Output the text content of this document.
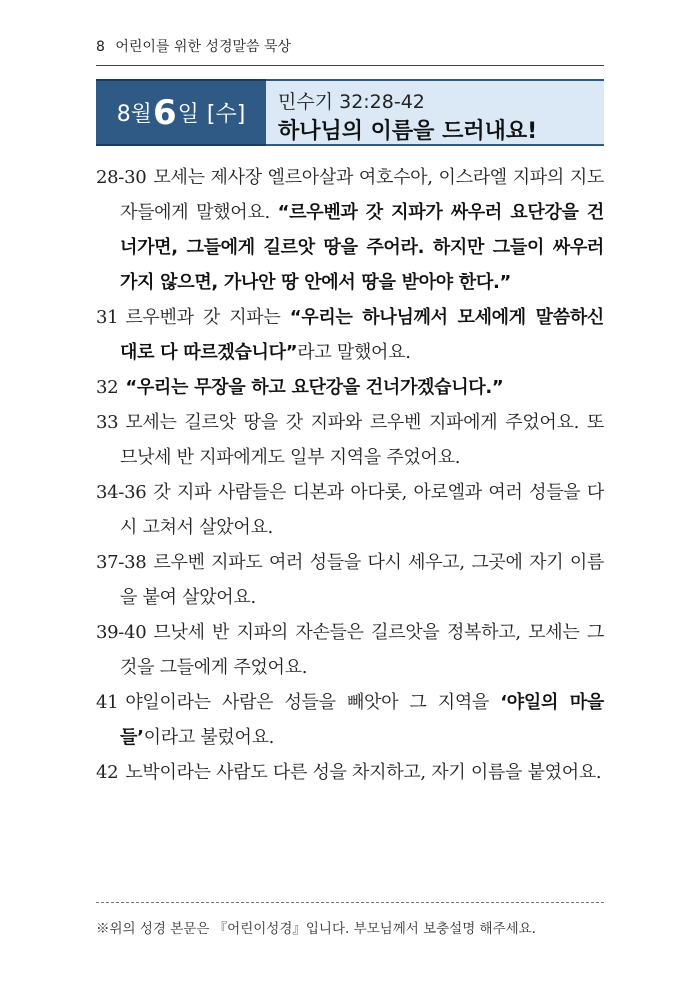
8 어린이를 위한 성경말씀 묵상
8월 6 일 [수] 민수기 32:28-42
하나님의 이름을 드러내요!
28-30 모세는 제사장 엘르아살과 여호수아, 이스라엘 지파의 지도자들에게 말했어요. “르우벤과 갓 지파가 싸우러 요단강을 건너가면, 그들에게 길르앗 땅을 주어라. 하지만 그들이 싸우러 가지 않으면, 가나안 땅 안에서 땅을 받아야 한다.”
31 르우벤과 갓 지파는 “우리는 하나님께서 모세에게 말씀하신 대로 다 따르겠습니다”라고 말했어요.
32 “우리는 무장을 하고 요단강을 건너가겠습니다.”
33 모세는 길르앗 땅을 갓 지파와 르우벤 지파에게 주었어요. 또 므낫세 반 지파에게도 일부 지역을 주었어요.
34-36 갓 지파 사람들은 디본과 아다롯, 아로엘과 여러 성들을 다시 고쳐서 살았어요.
37-38 르우벤 지파도 여러 성들을 다시 세우고, 그곳에 자기 이름을 붙여 살았어요.
39-40 므낫세 반 지파의 자손들은 길르앗을 정복하고, 모세는 그것을 그들에게 주었어요.
41 야일이라는 사람은 성들을 빼앗아 그 지역을 ‘야일의 마을들’이라고 불렀어요.
42 노박이라는 사람도 다른 성을 차지하고, 자기 이름을 붙였어요.
※위의 성경 본문은 『어린이성경』입니다. 부모님께서 보충설명 해주세요.
